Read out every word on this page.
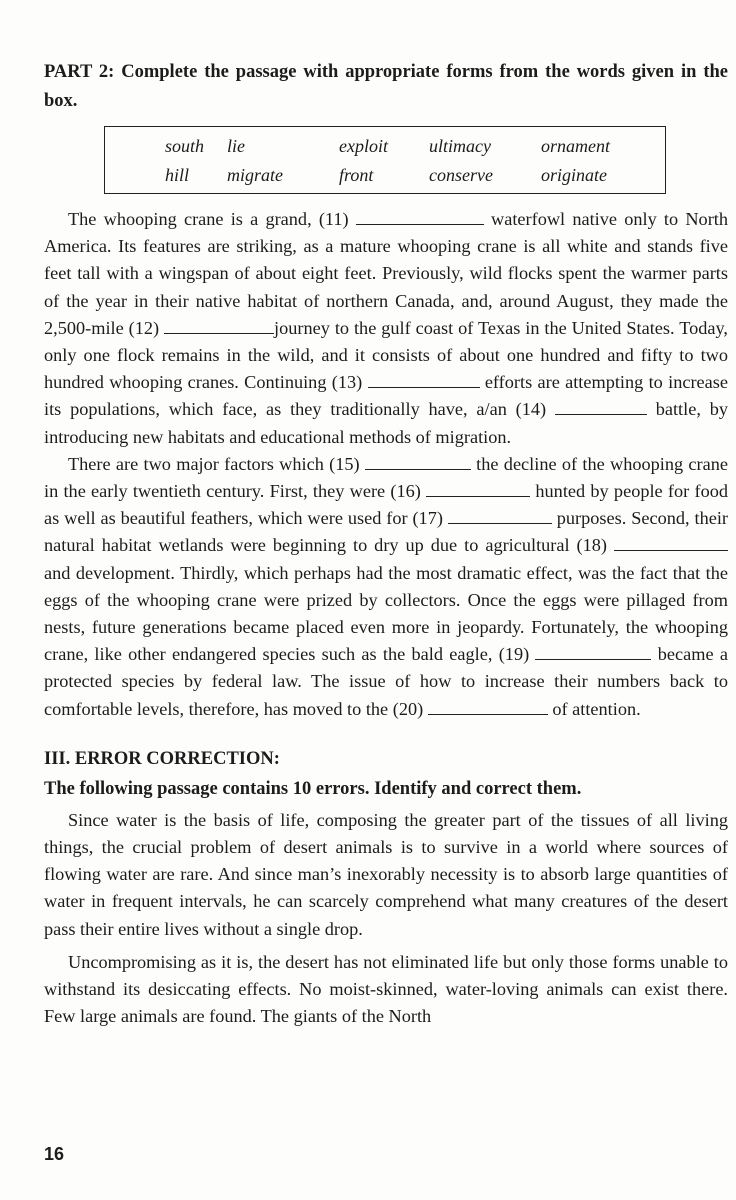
PART 2: Complete the passage with appropriate forms from the words given in the box.

south	lie	exploit	ultimacy	ornament
hill	migrate	front	conserve	originate

The whooping crane is a grand, (11)	waterfowl native only to North America. Its features are striking, as a mature whooping crane is all white and stands five feet tall with a wingspan of about eight feet. Previously, wild flocks spent the warmer parts of the year in their native habitat of northern Canada, and, around August, they made the 2,500-mile (12)	journey to the gulf coast of Texas in the United States. Today, only one flock remains in the wild, and it consists of about one hundred and fifty to two hundred whooping cranes. Continuing (13)	efforts are attempting to increase its populations, which face, as they traditionally have, a/an (14)	battle, by introducing new habitats and educational methods of migration.

There are two major factors which (15)	the decline of the whooping crane in the early twentieth century. First, they were (16)	hunted by people for food as well as beautiful feathers, which were used for (17)	purposes. Second, their natural habitat wetlands were beginning to dry up due to agricultural (18)  and development. Thirdly, which perhaps had the most dramatic effect, was the fact that the eggs of the whooping crane were prized by collectors. Once the eggs were pillaged from nests, future generations became placed even more in jeopardy. Fortunately, the whooping crane, like other endangered species such as the bald eagle, (19)	became a protected species by federal law. The issue of how to increase their numbers back to comfortable levels, therefore, has moved to the (20)	of attention.

III. ERROR CORRECTION:
The following passage contains 10 errors. Identify and correct them.

Since water is the basis of life, composing the greater part of the tissues of all living things, the crucial problem of desert animals is to survive in a world where sources of flowing water are rare. And since man’s inexorably necessity is to absorb large quantities of water in frequent intervals, he can scarcely comprehend what many creatures of the desert pass their entire lives without a single drop.

Uncompromising as it is, the desert has not eliminated life but only those forms unable to withstand its desiccating effects. No moist-skinned, water-loving animals can exist there. Few large animals are found. The giants of the North

16
